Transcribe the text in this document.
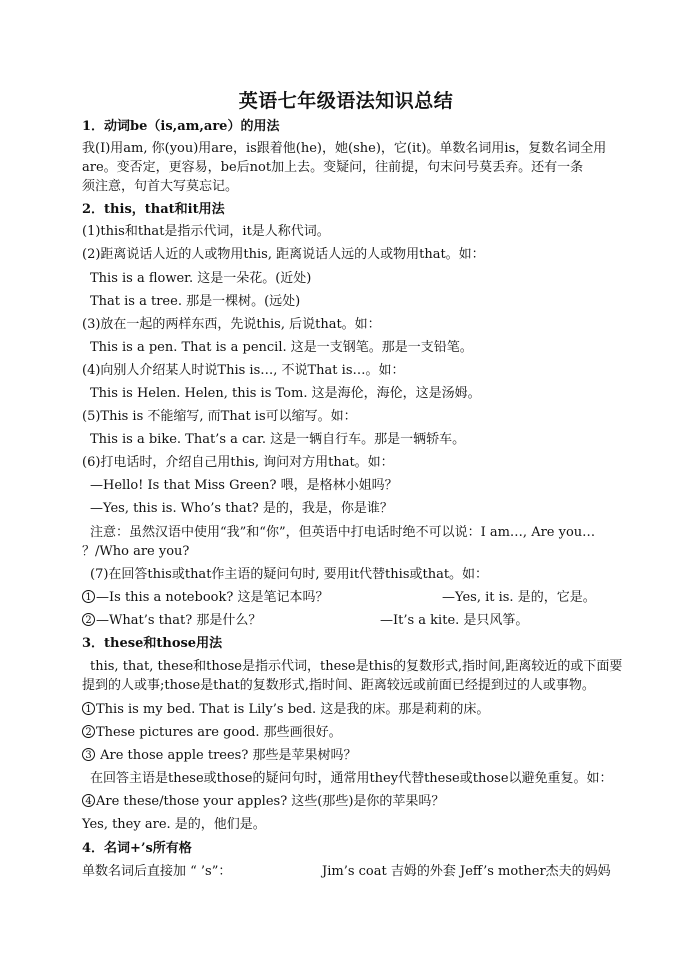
英语七年级语法知识总结
1．动词be（is,am,are）的用法
我(I)用am, 你(you)用are，is跟着他(he)，她(she)，它(it)。单数名词用is，复数名词全用
are。变否定，更容易，be后not加上去。变疑问，往前提，句末问号莫丢弃。还有一条
须注意，句首大写莫忘记。
2．this，that和it用法
(1)this和that是指示代词，it是人称代词。
(2)距离说话人近的人或物用this, 距离说话人远的人或物用that。如：
This is a flower. 这是一朵花。(近处)
That is a tree. 那是一棵树。(远处)
(3)放在一起的两样东西，先说this, 后说that。如：
This is a pen. That is a pencil. 这是一支钢笔。那是一支铅笔。
(4)向别人介绍某人时说This is…, 不说That is…。如：
This is Helen. Helen, this is Tom. 这是海伦，海伦，这是汤姆。
(5)This is 不能缩写, 而That is可以缩写。如：
This is a bike. That’s a car. 这是一辆自行车。那是一辆轿车。
(6)打电话时，介绍自己用this, 询问对方用that。如：
—Hello! Is that Miss Green? 喂，是格林小姐吗？
—Yes, this is. Who’s that? 是的，我是，你是谁？
注意：虽然汉语中使用“我”和“你”，但英语中打电话时绝不可以说：I am…, Are you…
？/Who are you?
(7)在回答this或that作主语的疑问句时, 要用it代替this或that。如：
1 —Is this a notebook? 这是笔记本吗？	—Yes, it is. 是的，它是。
2 —What’s that? 那是什么？	—It’s a kite. 是只风筝。
3．these和those用法
this, that, these和those是指示代词，these是this的复数形式,指时间,距离较近的或下面要
提到的人或事;those是that的复数形式,指时间、距离较远或前面已经提到过的人或事物。
1 This is my bed. That is Lily’s bed. 这是我的床。那是莉莉的床。
2 These pictures are good. 那些画很好。
3 Are those apple trees? 那些是苹果树吗？
在回答主语是these或those的疑问句时，通常用they代替these或those以避免重复。如：
4 Are these/those your apples? 这些(那些)是你的苹果吗？
Yes, they are. 是的，他们是。
4．名词+’s所有格
单数名词后直接加 “ ’s”：	Jim’s coat 吉姆的外套 Jeff’s mother杰夫的妈妈
